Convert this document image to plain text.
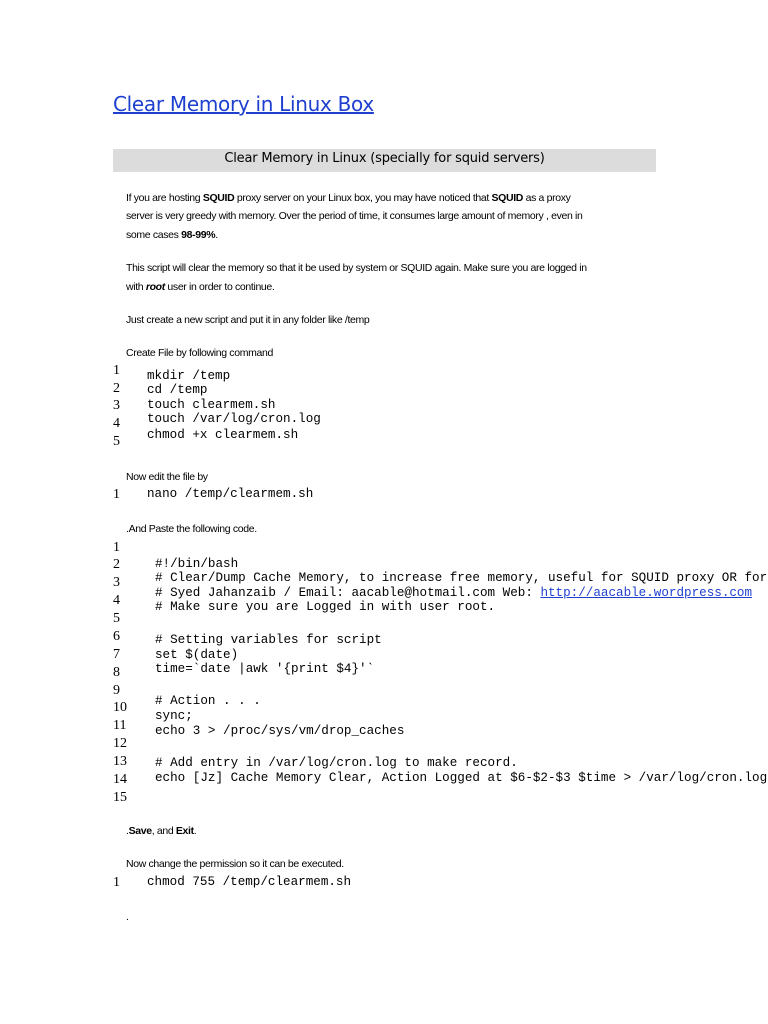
Clear Memory in Linux Box
Clear Memory in Linux (specially for squid servers)
If you are hosting SQUID proxy server on your Linux box, you may have noticed that SQUID as a proxy
server is very greedy with memory. Over the period of time, it consumes large amount of memory , even in
some cases 98-99%.
This script will clear the memory so that it be used by system or SQUID again. Make sure you are logged in
with root user in order to continue.
Just create a new script and put it in any folder like /temp
Create File by following command
1
2
3
4
5
mkdir /temp
cd /temp
touch clearmem.sh
touch /var/log/cron.log
chmod +x clearmem.sh
Now edit the file by
1	nano /temp/clearmem.sh
.And Paste the following code.
1
2
3
4
5
6
7
8
9
10
11
12
13
14
15
#!/bin/bash
# Clear/Dump Cache Memory, to increase free memory, useful for SQUID proxy OR for
# Syed Jahanzaib / Email: aacable@hotmail.com Web: http://aacable.wordpress.com
# Make sure you are Logged in with user root.
# Setting variables for script
set $(date)
time=`date |awk '{print $4}'`
# Action . . .
sync;
echo 3 > /proc/sys/vm/drop_caches
# Add entry in /var/log/cron.log to make record.
echo [Jz] Cache Memory Clear, Action Logged at $6-$2-$3 $time > /var/log/cron.log
.Save, and Exit.
Now change the permission so it can be executed.
1	chmod 755 /temp/clearmem.sh
.
